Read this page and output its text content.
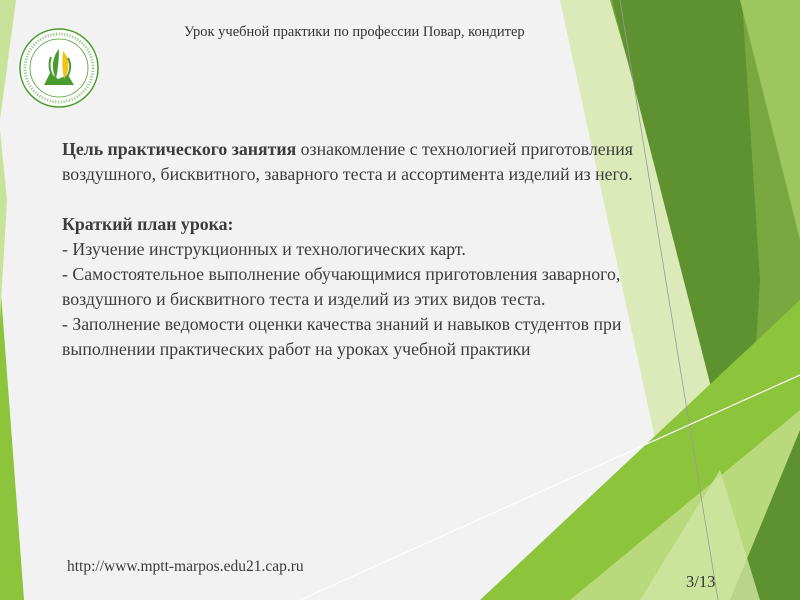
Урок учебной практики по профессии Повар, кондитер

Цель практического занятия ознакомление с технологией приготовления воздушного, бисквитного, заварного теста и ассортимента изделий из него.

Краткий план урока:

- Изучение инструкционных и технологических карт.

- Самостоятельное выполнение обучающимися приготовления заварного, воздушного и бисквитного теста и изделий из этих видов теста.

- Заполнение ведомости оценки качества знаний и навыков студентов при выполнении практических работ на уроках учебной практики

http://www.mptt-marpos.edu21.cap.ru
3/13
